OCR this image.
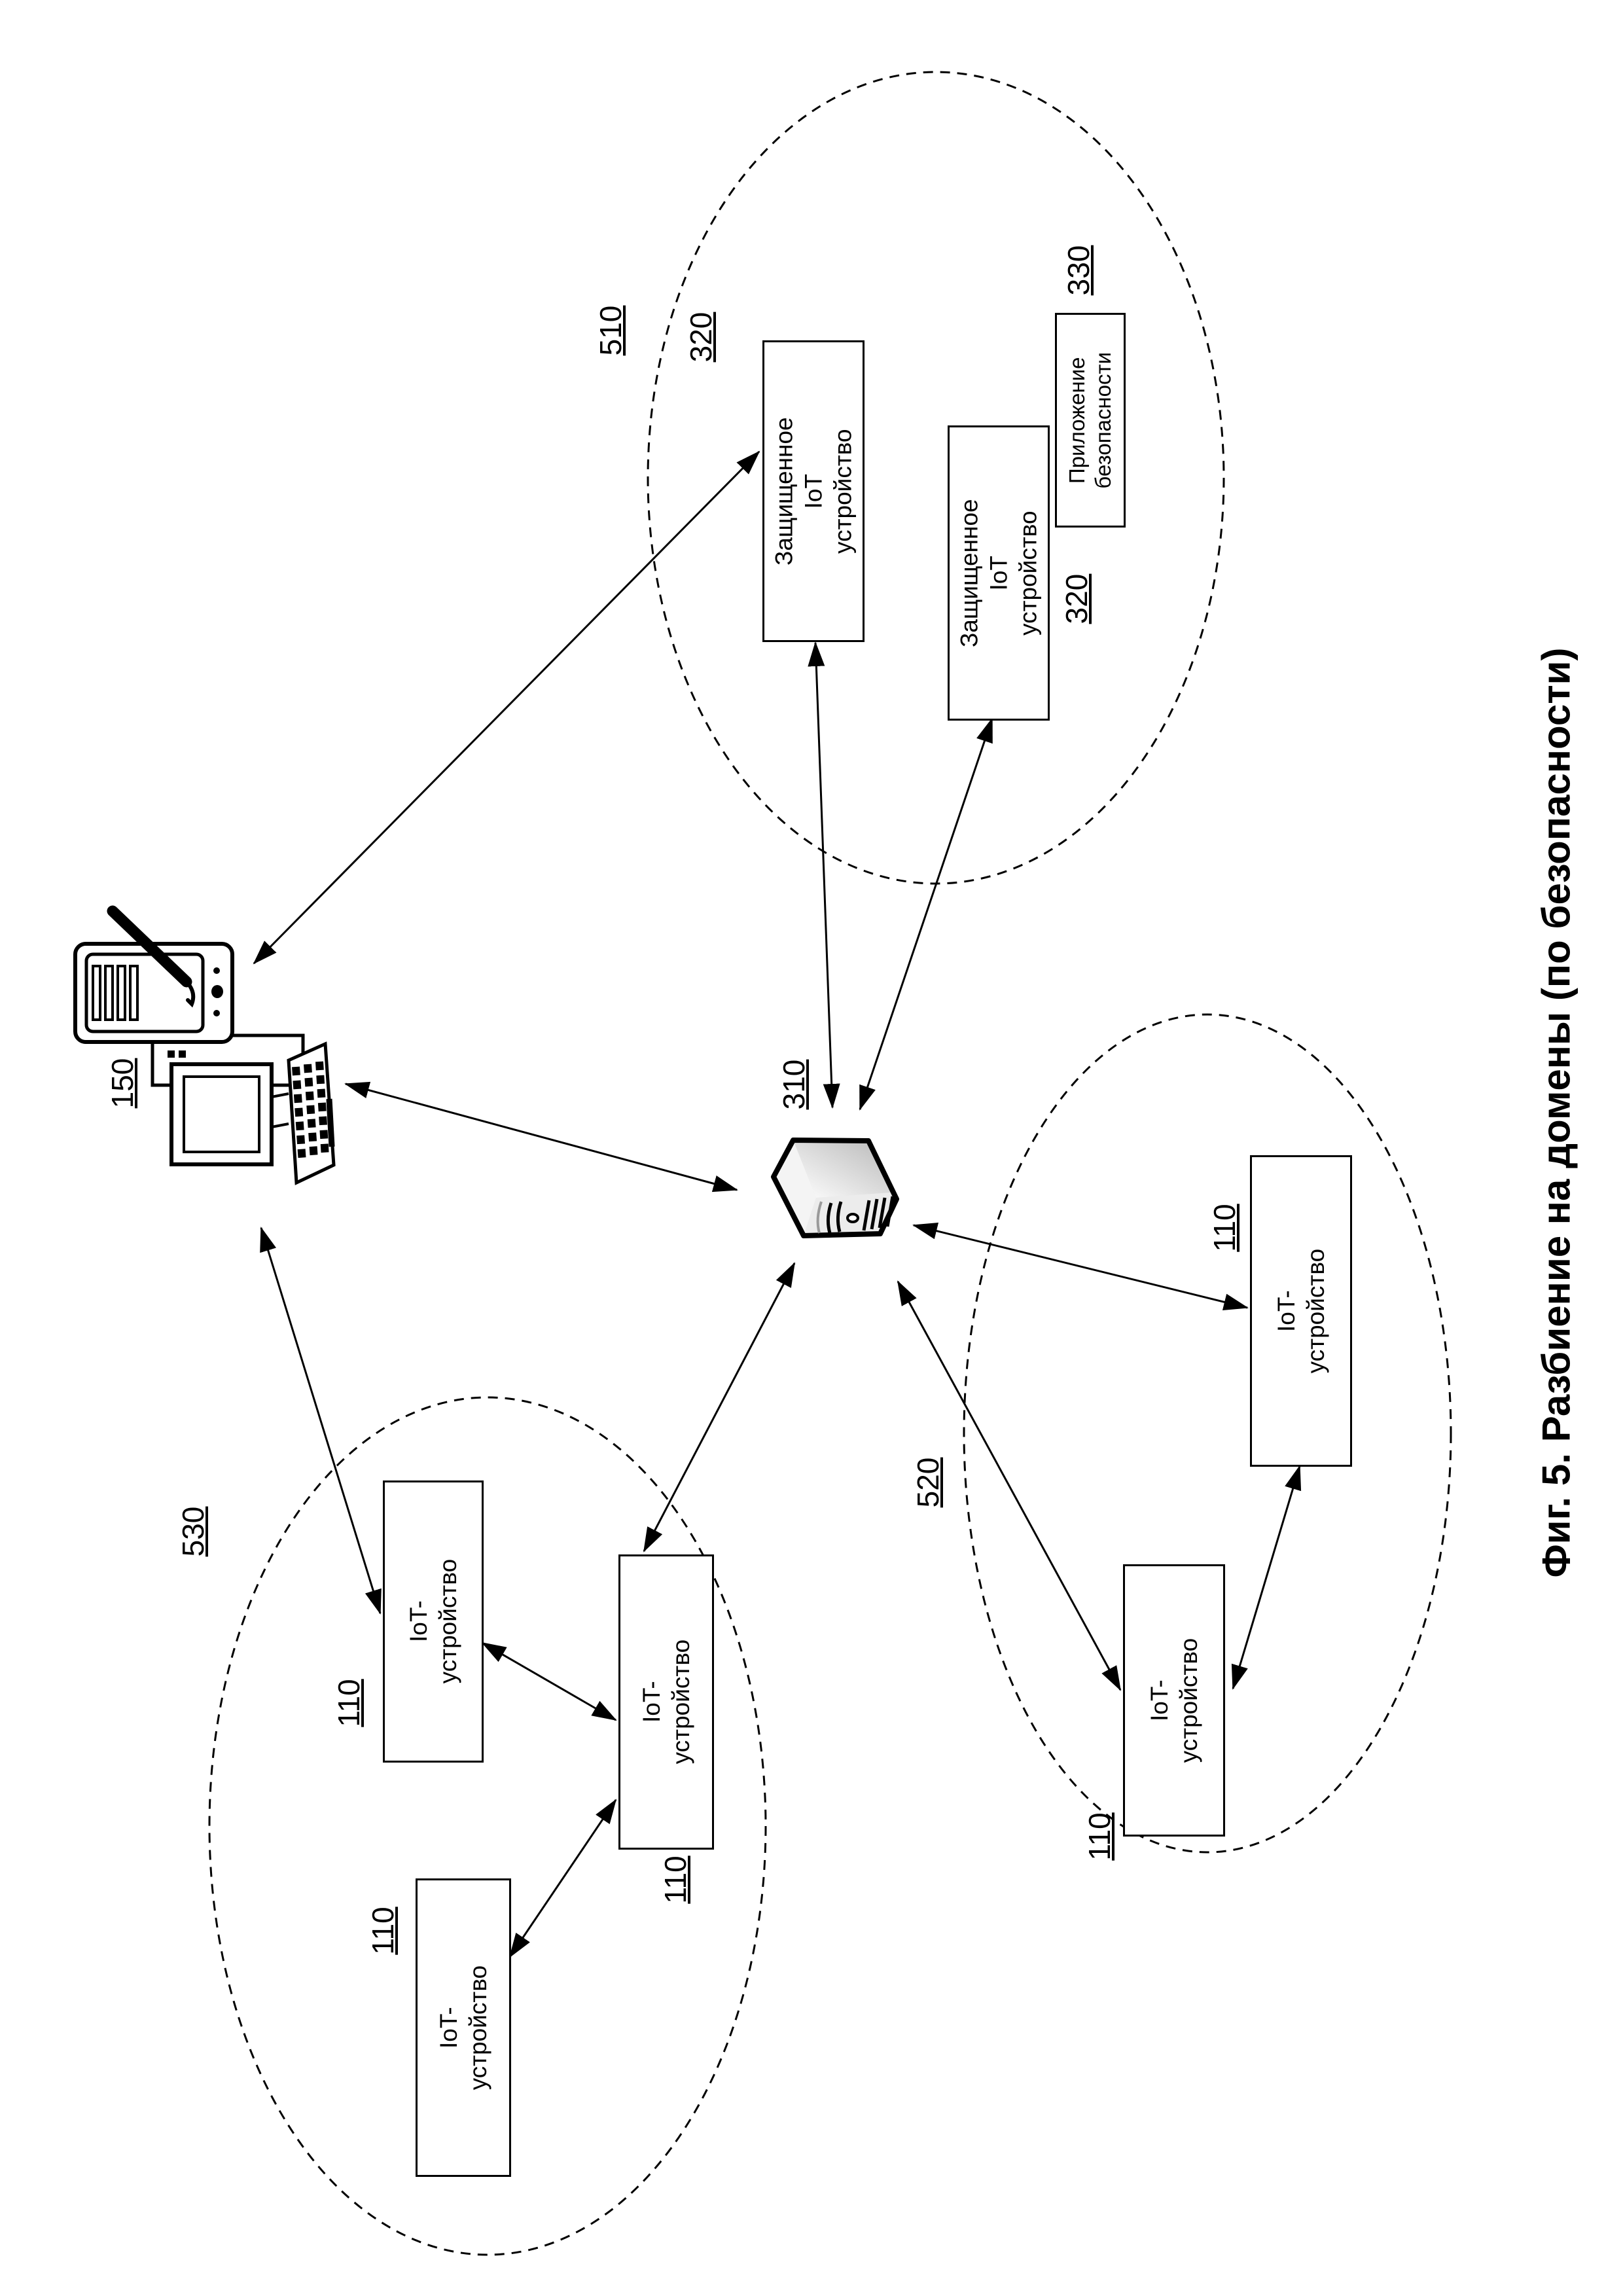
Защищенное IoT
устройство
Защищенное IoT
устройство
Приложение
безопасности
IoT-устройство
IoT-устройство
IoT-устройство
IoT-устройство
IoT-устройство
510 320
330
320
310
150
530
520
110
110
110
110
110
Фиг. 5. Разбиение на домены (по безопасности)
